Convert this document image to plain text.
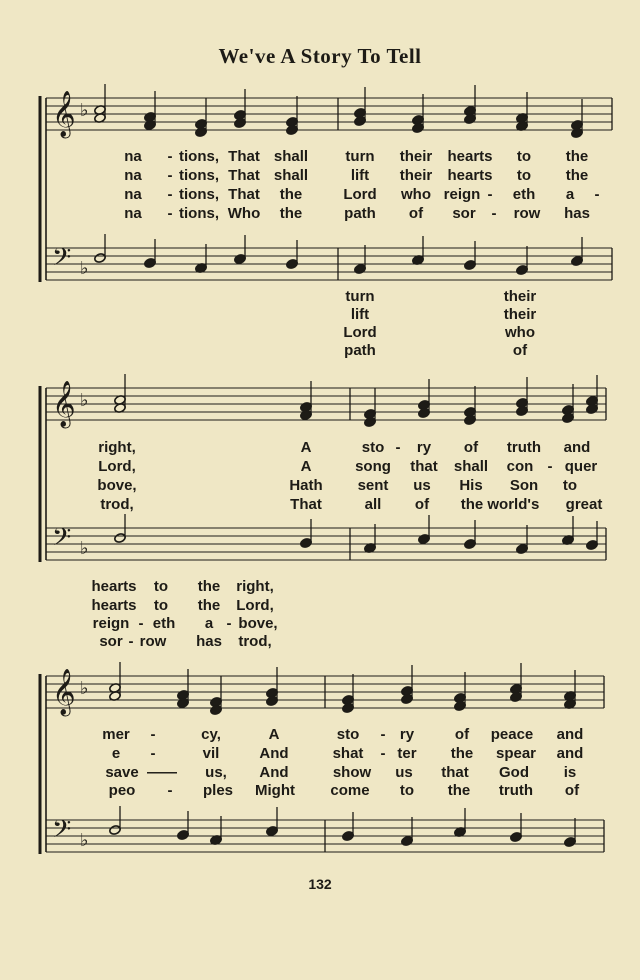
We've A Story To Tell
𝄞
𝄢
♭
♭
𝄞
𝄢
♭
♭
𝄞
𝄢
♭
♭
na - tions, That shall turn their hearts to the
na - tions, That shall	lift their hearts to the
na - tions, That the	Lord who reign - eth a -
na - tions, Who the	path of sor - row has
turn	their
lift	their
Lord	who
path	of
right,	A	sto - ry of truth and
Lord,	A	song that shall con - quer
bove,	Hath sent us His Son to
trod,	That	all of the world's great
hearts to the right,
hearts to the Lord,
reign - eth a - bove,
sor - row has trod,
mer -	cy,	A	sto - ry	of peace and
e -	vil	And	shat - ter the spear and
save —— us, And	show us that God is
peo - ples Might come to the truth of
132
